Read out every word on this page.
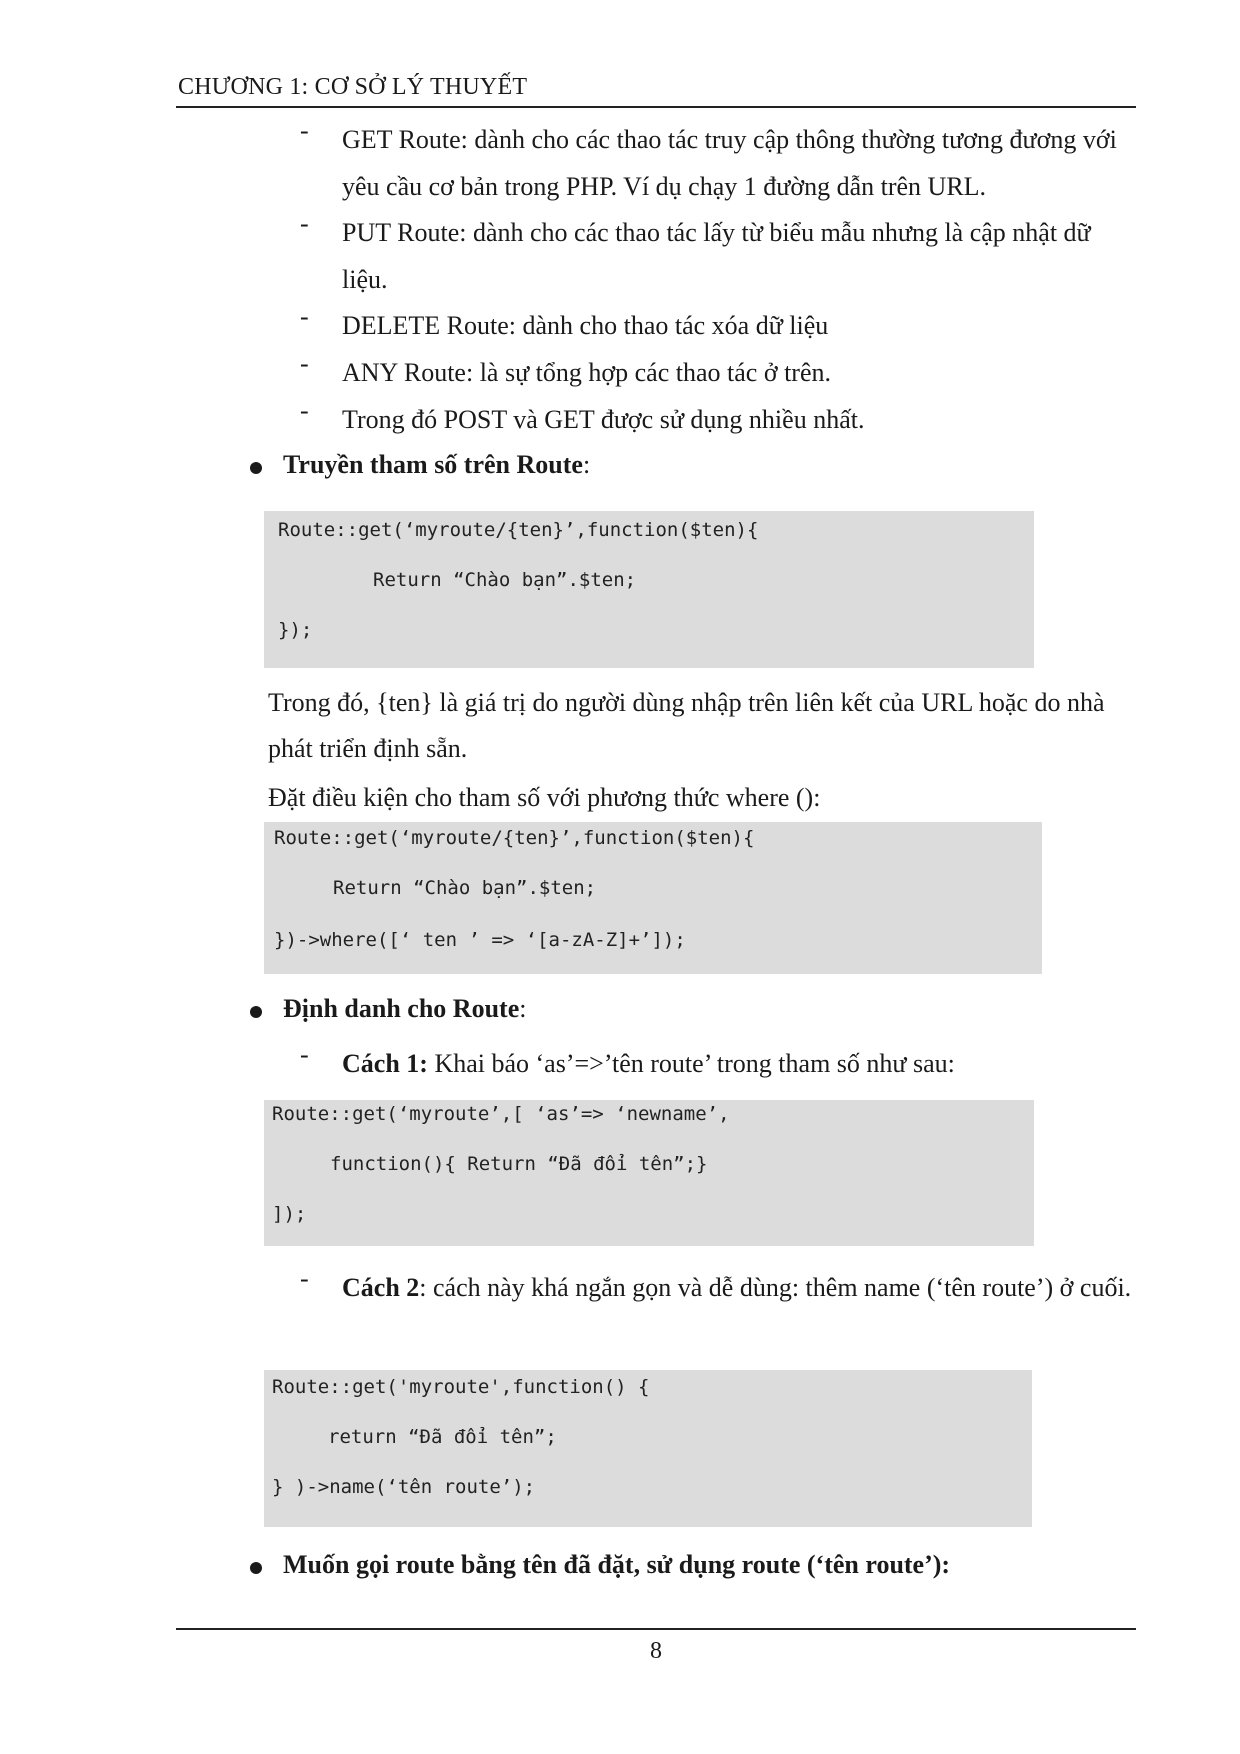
CHƯƠNG 1: CƠ SỞ LÝ THUYẾT
- GET Route: dành cho các thao tác truy cập thông thường tương đương với yêu cầu cơ bản trong PHP. Ví dụ chạy 1 đường dẫn trên URL.
- PUT Route: dành cho các thao tác lấy từ biểu mẫu nhưng là cập nhật dữ liệu.
- DELETE Route: dành cho thao tác xóa dữ liệu
- ANY Route: là sự tổng hợp các thao tác ở trên.
- Trong đó POST và GET được sử dụng nhiều nhất.
Truyền tham số trên Route:
Route::get(‘myroute/{ten}’,function($ten){
Return “Chào bạn”.$ten;
});
Trong đó, {ten} là giá trị do người dùng nhập trên liên kết của URL hoặc do nhà phát triển định sẵn.
Đặt điều kiện cho tham số với phương thức where ():
Route::get(‘myroute/{ten}’,function($ten){
Return “Chào bạn”.$ten;
})->where([‘ ten ’ => ‘[a-zA-Z]+’]);
Định danh cho Route:
- Cách 1: Khai báo ‘as’=>’tên route’ trong tham số như sau:
Route::get(‘myroute’,[ ‘as’=> ‘newname’,
function(){ Return “Đã đổi tên”;}
]);
- Cách 2: cách này khá ngắn gọn và dễ dùng: thêm name (‘tên route’) ở cuối.
Route::get('myroute',function() {
return “Đã đổi tên”;
} )->name(‘tên route’);
Muốn gọi route bằng tên đã đặt, sử dụng route (‘tên route’):
8
